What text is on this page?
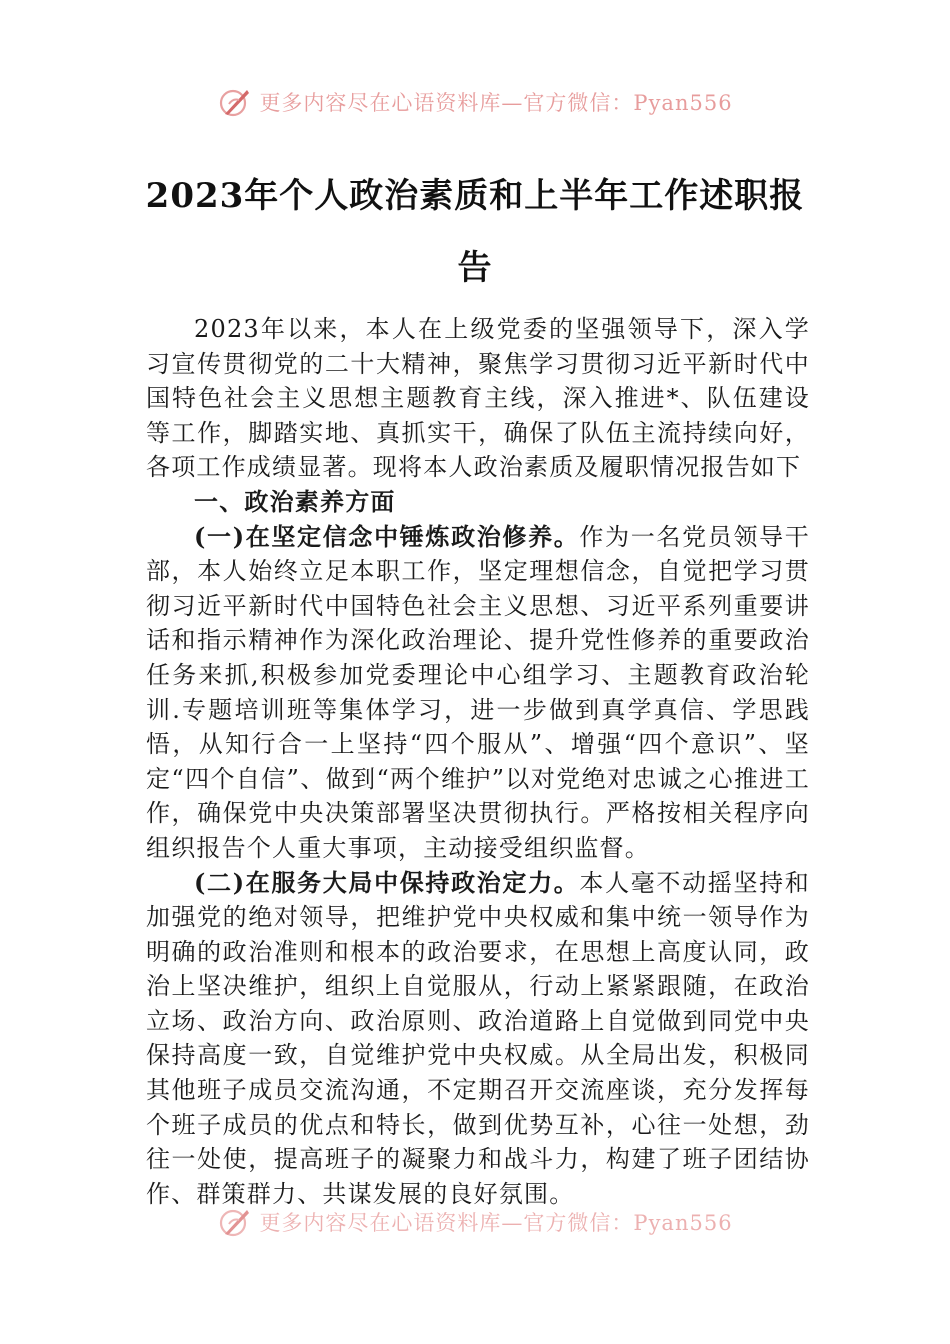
更多内容尽在心语资料库—官方微信：Pyan556
2023年个人政治素质和上半年工作述职报
告

2023年以来，本人在上级党委的坚强领导下，深入学习宣传贯彻党的二十大精神，聚焦学习贯彻习近平新时代中国特色社会主义思想主题教育主线，深入推进*、队伍建设等工作，脚踏实地、真抓实干，确保了队伍主流持续向好，各项工作成绩显著。现将本人政治素质及履职情况报告如下

一、政治素养方面

(一)在坚定信念中锤炼政治修养。作为一名党员领导干部，本人始终立足本职工作，坚定理想信念，自觉把学习贯彻习近平新时代中国特色社会主义思想、习近平系列重要讲话和指示精神作为深化政治理论、提升党性修养的重要政治任务来抓,积极参加党委理论中心组学习、主题教育政治轮训.专题培训班等集体学习，进一步做到真学真信、学思践悟，从知行合一上坚持“四个服从”、增强“四个意识”、坚定“四个自信”、做到“两个维护”以对党绝对忠诚之心推进工作，确保党中央决策部署坚决贯彻执行。严格按相关程序向组织报告个人重大事项，主动接受组织监督。

(二)在服务大局中保持政治定力。本人毫不动摇坚持和加强党的绝对领导，把维护党中央权威和集中统一领导作为明确的政治准则和根本的政治要求，在思想上高度认同，政治上坚决维护，组织上自觉服从，行动上紧紧跟随，在政治立场、政治方向、政治原则、政治道路上自觉做到同党中央保持高度一致，自觉维护党中央权威。从全局出发，积极同其他班子成员交流沟通，不定期召开交流座谈，充分发挥每个班子成员的优点和特长，做到优势互补，心往一处想，劲往一处使，提高班子的凝聚力和战斗力，构建了班子团结协作、群策群力、共谋发展的良好氛围。

更多内容尽在心语资料库—官方微信：Pyan556
